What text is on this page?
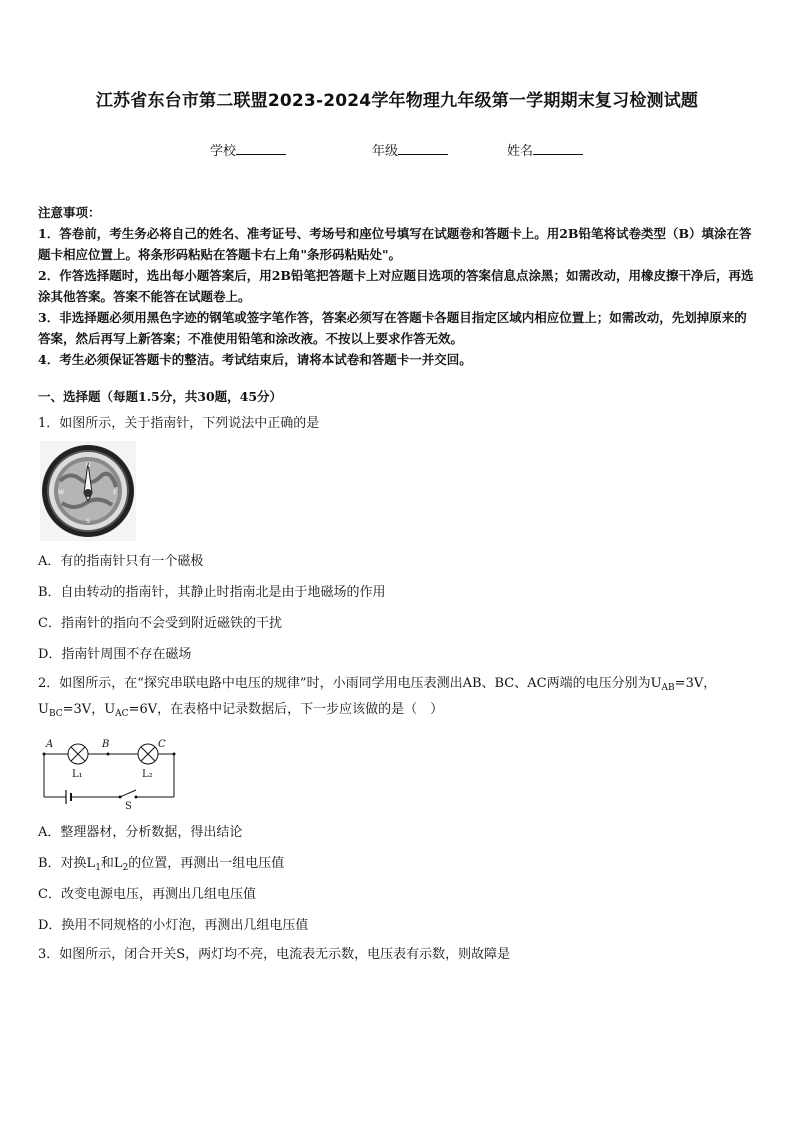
江苏省东台市第二联盟2023-2024学年物理九年级第一学期期末复习检测试题
学校	年级	姓名
注意事项：

1．答卷前，考生务必将自己的姓名、准考证号、考场号和座位号填写在试题卷和答题卡上。用2B铅笔将试卷类型（B）填涂在答题卡相应位置上。将条形码粘贴在答题卡右上角"条形码粘贴处"。

2．作答选择题时，选出每小题答案后，用2B铅笔把答题卡上对应题目选项的答案信息点涂黑；如需改动，用橡皮擦干净后，再选涂其他答案。答案不能答在试题卷上。

3．非选择题必须用黑色字迹的钢笔或签字笔作答，答案必须写在答题卡各题目指定区域内相应位置上；如需改动，先划掉原来的答案，然后再写上新答案；不准使用铅笔和涂改液。不按以上要求作答无效。

4．考生必须保证答题卡的整洁。考试结束后，请将本试卷和答题卡一并交回。

一、选择题（每题1.5分，共30题，45分）
1．如图所示，关于指南针，下列说法中正确的是
N
E
S
W
A．有的指南针只有一个磁极
B．自由转动的指南针，其静止时指南北是由于地磁场的作用
C．指南针的指向不会受到附近磁铁的干扰
D．指南针周围不存在磁场
2．如图所示，在“探究串联电路中电压的规律”时，小雨同学用电压表测出AB、BC、AC两端的电压分别为$U_{AB}=3V$，
$U_{BC}=3V$，$U_{AC}=6V$，在表格中记录数据后，下一步应该做的是（　）
A	B	C
L₁	L₂
S
A．整理器材，分析数据，得出结论
B．对换$L_1$和$L_2$的位置，再测出一组电压值
C．改变电源电压，再测出几组电压值
D．换用不同规格的小灯泡，再测出几组电压值
3．如图所示，闭合开关S，两灯均不亮，电流表无示数，电压表有示数，则故障是
